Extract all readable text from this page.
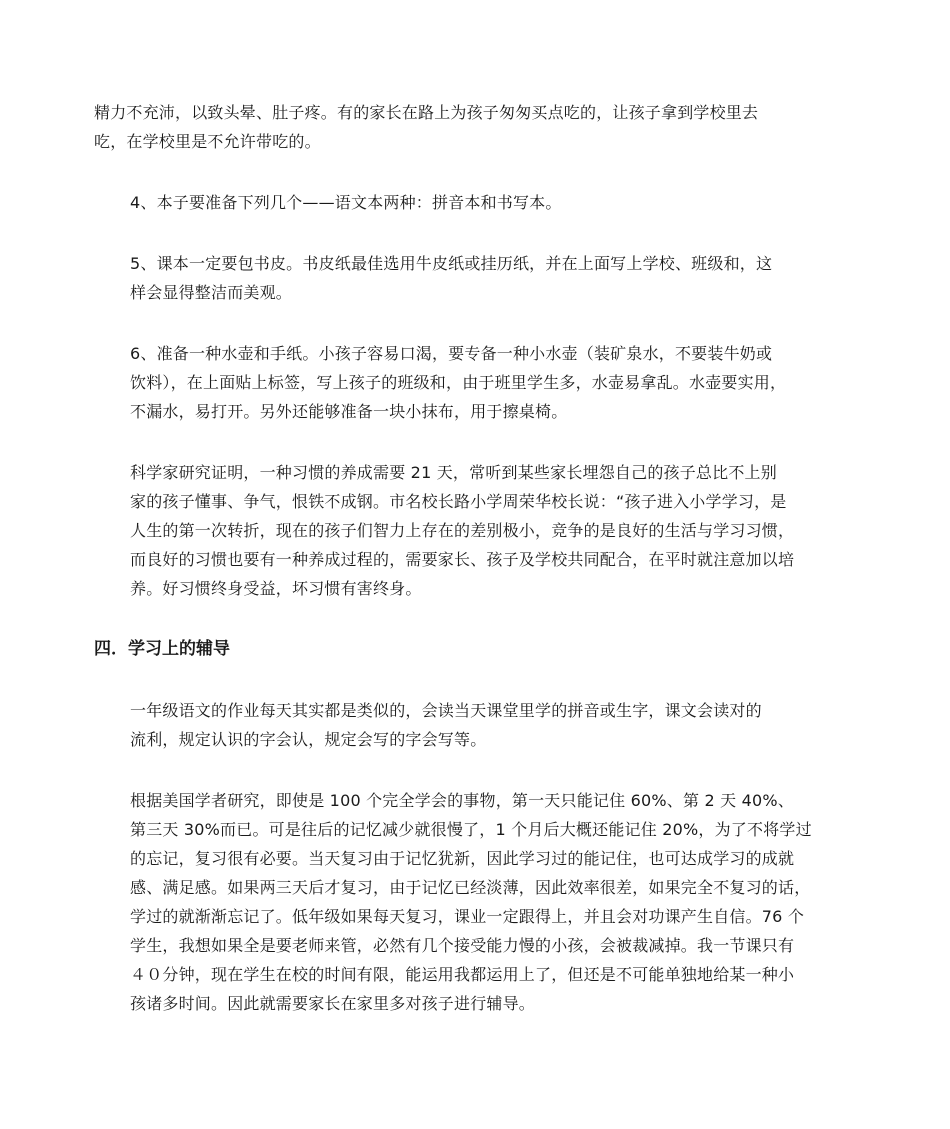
精力不充沛，以致头晕、肚子疼。有的家长在路上为孩子匆匆买点吃的，让孩子拿到学校里去
吃，在学校里是不允许带吃的。

4、本子要准备下列几个——语文本两种：拼音本和书写本。

5、课本一定要包书皮。书皮纸最佳选用牛皮纸或挂历纸，并在上面写上学校、班级和，这
样会显得整洁而美观。

6、准备一种水壶和手纸。小孩子容易口渴，要专备一种小水壶（装矿泉水，不要装牛奶或
饮料），在上面贴上标签，写上孩子的班级和，由于班里学生多，水壶易拿乱。水壶要实用，
不漏水，易打开。另外还能够准备一块小抹布，用于擦桌椅。

科学家研究证明，一种习惯的养成需要 21 天，常听到某些家长埋怨自己的孩子总比不上别
家的孩子懂事、争气，恨铁不成钢。市名校长路小学周荣华校长说：“孩子进入小学学习，是
人生的第一次转折，现在的孩子们智力上存在的差别极小，竞争的是良好的生活与学习习惯，
而良好的习惯也要有一种养成过程的，需要家长、孩子及学校共同配合，在平时就注意加以培
养。好习惯终身受益，坏习惯有害终身。

四．学习上的辅导

一年级语文的作业每天其实都是类似的，会读当天课堂里学的拼音或生字，课文会读对的
流利，规定认识的字会认，规定会写的字会写等。

根据美国学者研究，即使是 100 个完全学会的事物，第一天只能记住 60%、第 2 天 40%、
第三天 30%而已。可是往后的记忆减少就很慢了，1 个月后大概还能记住 20%，为了不将学过
的忘记，复习很有必要。当天复习由于记忆犹新，因此学习过的能记住，也可达成学习的成就
感、满足感。如果两三天后才复习，由于记忆已经淡薄，因此效率很差，如果完全不复习的话，
学过的就渐渐忘记了。低年级如果每天复习，课业一定跟得上，并且会对功课产生自信。76 个
学生，我想如果全是要老师来管，必然有几个接受能力慢的小孩，会被裁减掉。我一节课只有
４０分钟，现在学生在校的时间有限，能运用我都运用上了，但还是不可能单独地给某一种小
孩诸多时间。因此就需要家长在家里多对孩子进行辅导。
